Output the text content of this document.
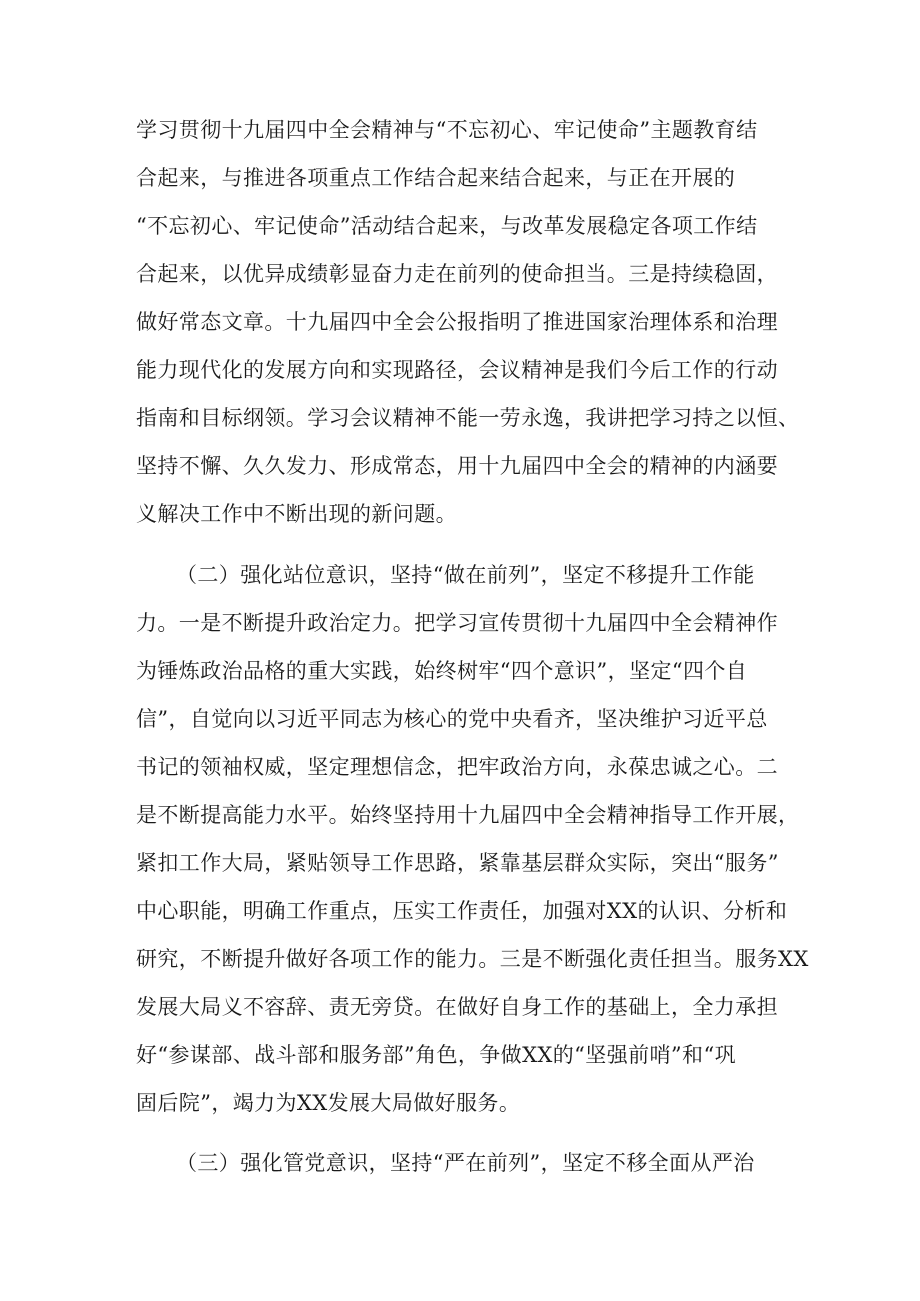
学习贯彻十九届四中全会精神与“不忘初心、牢记使命”主题教育结
合起来，与推进各项重点工作结合起来结合起来，与正在开展的
“不忘初心、牢记使命”活动结合起来，与改革发展稳定各项工作结
合起来，以优异成绩彰显奋力走在前列的使命担当。三是持续稳固，
做好常态文章。十九届四中全会公报指明了推进国家治理体系和治理
能力现代化的发展方向和实现路径，会议精神是我们今后工作的行动
指南和目标纲领。学习会议精神不能一劳永逸，我讲把学习持之以恒、
坚持不懈、久久发力、形成常态，用十九届四中全会的精神的内涵要
义解决工作中不断出现的新问题。
（二）强化站位意识，坚持“做在前列”，坚定不移提升工作能
力。一是不断提升政治定力。把学习宣传贯彻十九届四中全会精神作
为锤炼政治品格的重大实践，始终树牢“四个意识”，坚定“四个自
信”，自觉向以习近平同志为核心的党中央看齐，坚决维护习近平总
书记的领袖权威，坚定理想信念，把牢政治方向，永葆忠诚之心。二
是不断提高能力水平。始终坚持用十九届四中全会精神指导工作开展，
紧扣工作大局，紧贴领导工作思路，紧靠基层群众实际，突出“服务”
中心职能，明确工作重点，压实工作责任，加强对XX的认识、分析和
研究，不断提升做好各项工作的能力。三是不断强化责任担当。服务XX
发展大局义不容辞、责无旁贷。在做好自身工作的基础上，全力承担
好“参谋部、战斗部和服务部”角色，争做XX的“坚强前哨”和“巩
固后院”，竭力为XX发展大局做好服务。
（三）强化管党意识，坚持“严在前列”，坚定不移全面从严治
